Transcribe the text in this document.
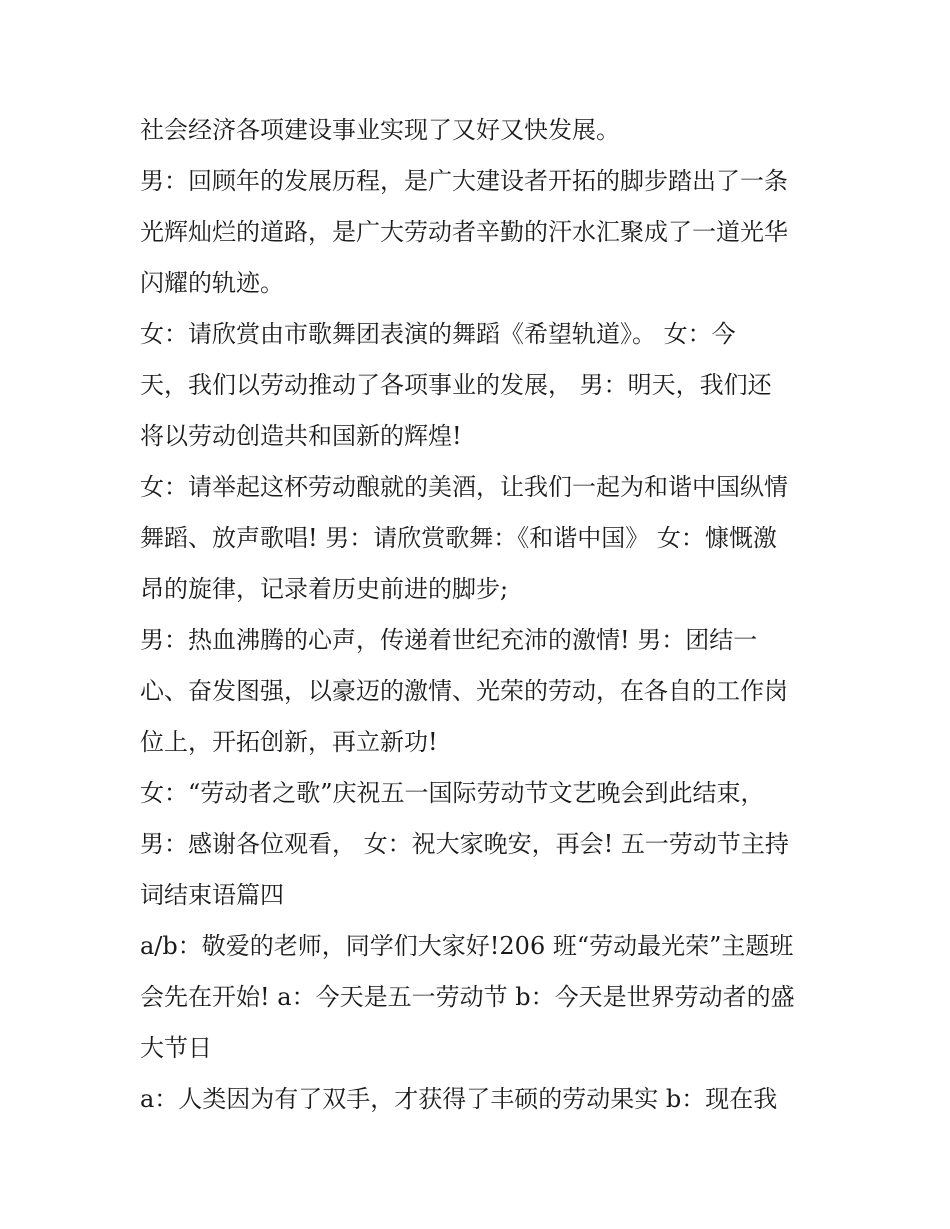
社会经济各项建设事业实现了又好又快发展。
男：回顾年的发展历程，是广大建设者开拓的脚步踏出了一条
光辉灿烂的道路，是广大劳动者辛勤的汗水汇聚成了一道光华
闪耀的轨迹。
女：请欣赏由市歌舞团表演的舞蹈《希望轨道》。 女：今
天，我们以劳动推动了各项事业的发展， 男：明天，我们还
将以劳动创造共和国新的辉煌!
女：请举起这杯劳动酿就的美酒，让我们一起为和谐中国纵情
舞蹈、放声歌唱! 男：请欣赏歌舞：《和谐中国》 女：慷慨激
昂的旋律，记录着历史前进的脚步;
男：热血沸腾的心声，传递着世纪充沛的激情! 男：团结一
心、奋发图强，以豪迈的激情、光荣的劳动，在各自的工作岗
位上，开拓创新，再立新功!
女：“劳动者之歌”庆祝五一国际劳动节文艺晚会到此结束，
男：感谢各位观看， 女：祝大家晚安，再会! 五一劳动节主持
词结束语篇四
a/b：敬爱的老师，同学们大家好!206 班“劳动最光荣”主题班
会先在开始! a：今天是五一劳动节 b：今天是世界劳动者的盛
大节日
a：人类因为有了双手，才获得了丰硕的劳动果实 b：现在我
